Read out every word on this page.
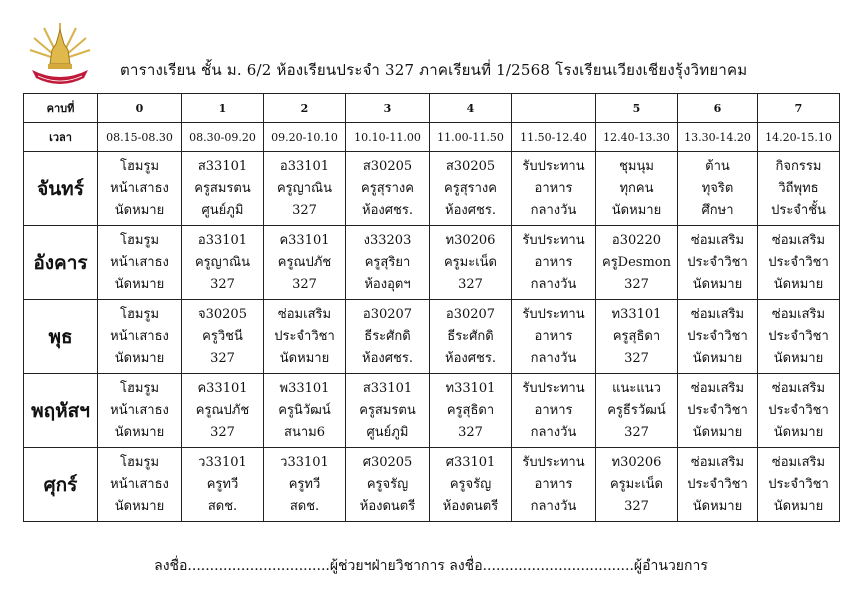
ตารางเรียน ชั้น ม. 6/2 ห้องเรียนประจำ 327 ภาคเรียนที่ 1/2568 โรงเรียนเวียงเชียงรุ้งวิทยาคม
คาบที่	0	1	2	3	4		5	6	7
เวลา	08.15-08.30	08.30-09.20	09.20-10.10	10.10-11.00	11.00-11.50	11.50-12.40	12.40-13.30	13.30-14.20	14.20-15.10
จันทร์	โฮมรูม
หน้าเสาธง
นัดหมาย	ส33101
ครูสมรตน
ศูนย์ภูมิ	อ33101
ครูญาณิน
327	ส30205
ครูสุรางค
ห้องศชร.	ส30205
ครูสุรางค
ห้องศชร.	รับประทาน
อาหาร
กลางวัน	ชุมนุม
ทุกคน
นัดหมาย	ต้าน
ทุจริต
ศึกษา	กิจกรรม
วิถีพุทธ
ประจำชั้น

อังคาร	โฮมรูม
หน้าเสาธง
นัดหมาย	อ33101
ครูญาณิน
327	ค33101
ครูณปภัช
327	ง33203
ครูสุริยา
ห้องอุตฯ	ท30206
ครูมะเน็ด
327	รับประทาน
อาหาร
กลางวัน	อ30220
ครูDesmon
327	ซ่อมเสริม
ประจำวิชา
นัดหมาย	ซ่อมเสริม
ประจำวิชา
นัดหมาย

พุธ	โฮมรูม
หน้าเสาธง
นัดหมาย	จ30205
ครูวิชนี
327	ซ่อมเสริม
ประจำวิชา
นัดหมาย	อ30207
ธีระศักดิ
ห้องศชร.	อ30207
ธีระศักดิ
ห้องศชร.	รับประทาน
อาหาร
กลางวัน	ท33101
ครูสุธิดา
327	ซ่อมเสริม
ประจำวิชา
นัดหมาย	ซ่อมเสริม
ประจำวิชา
นัดหมาย

พฤหัสฯ	โฮมรูม
หน้าเสาธง
นัดหมาย	ค33101
ครูณปภัช
327	พ33101
ครูนิวัฒน์
สนาม6	ส33101
ครูสมรตน
ศูนย์ภูมิ	ท33101
ครูสุธิดา
327	รับประทาน
อาหาร
กลางวัน	แนะแนว
ครูธีรวัฒน์
327	ซ่อมเสริม
ประจำวิชา
นัดหมาย	ซ่อมเสริม
ประจำวิชา
นัดหมาย

ศุกร์	โฮมรูม
หน้าเสาธง
นัดหมาย	ว33101
ครูทวี
สดช.	ว33101
ครูทวี
สดช.	ศ30205
ครูจรัญ
ห้องดนตรี	ศ33101
ครูจรัญ
ห้องดนตรี	รับประทาน
อาหาร
กลางวัน	ท30206
ครูมะเน็ด
327	ซ่อมเสริม
ประจำวิชา
นัดหมาย	ซ่อมเสริม
ประจำวิชา
นัดหมาย
ลงชื่อ................................ผู้ช่วยฯฝ่ายวิชาการ ลงชื่อ..................................ผู้อำนวยการ
